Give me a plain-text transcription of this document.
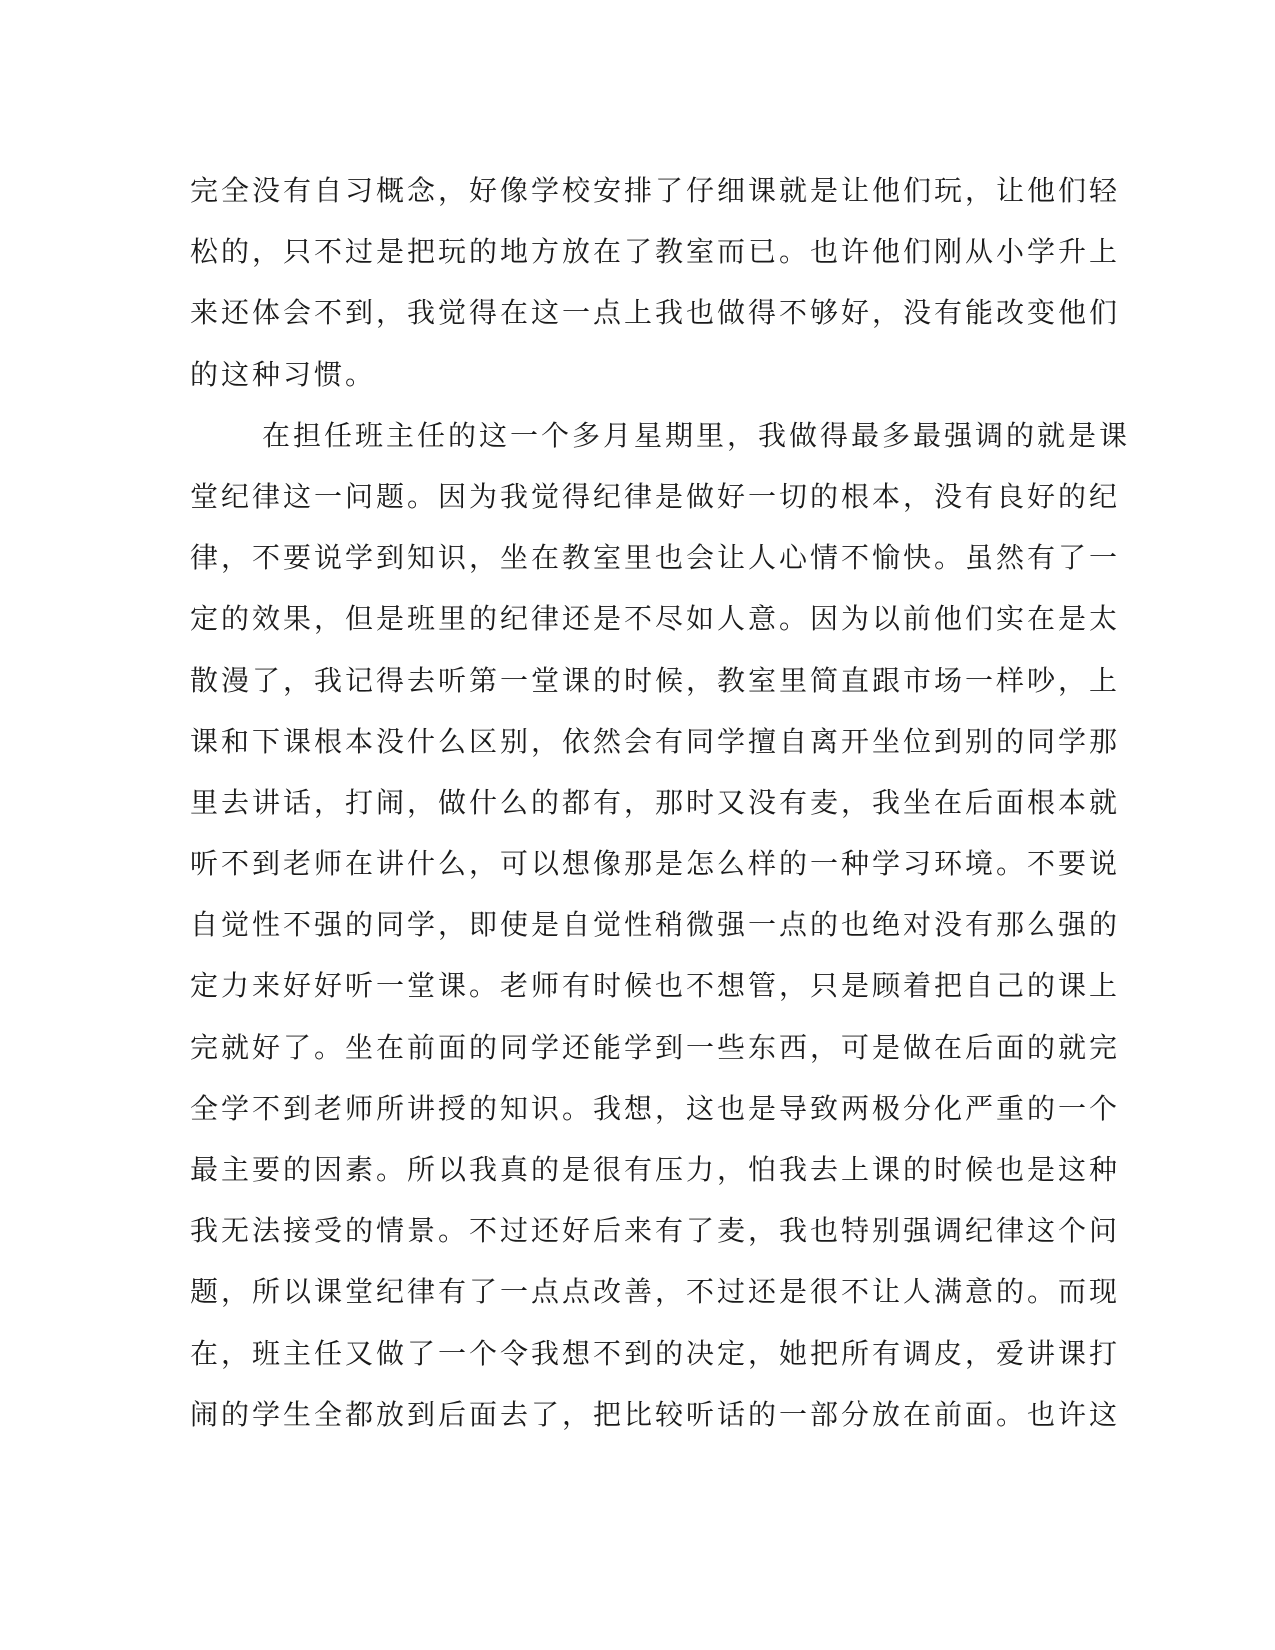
完全没有自习概念，好像学校安排了仔细课就是让他们玩，让他们轻
松的，只不过是把玩的地方放在了教室而已。也许他们刚从小学升上
来还体会不到，我觉得在这一点上我也做得不够好，没有能改变他们
的这种习惯。
在担任班主任的这一个多月星期里，我做得最多最强调的就是课
堂纪律这一问题。因为我觉得纪律是做好一切的根本，没有良好的纪
律，不要说学到知识，坐在教室里也会让人心情不愉快。虽然有了一
定的效果，但是班里的纪律还是不尽如人意。因为以前他们实在是太
散漫了，我记得去听第一堂课的时候，教室里简直跟市场一样吵，上
课和下课根本没什么区别，依然会有同学擅自离开坐位到别的同学那
里去讲话，打闹，做什么的都有，那时又没有麦，我坐在后面根本就
听不到老师在讲什么，可以想像那是怎么样的一种学习环境。不要说
自觉性不强的同学，即使是自觉性稍微强一点的也绝对没有那么强的
定力来好好听一堂课。老师有时候也不想管，只是顾着把自己的课上
完就好了。坐在前面的同学还能学到一些东西，可是做在后面的就完
全学不到老师所讲授的知识。我想，这也是导致两极分化严重的一个
最主要的因素。所以我真的是很有压力，怕我去上课的时候也是这种
我无法接受的情景。不过还好后来有了麦，我也特别强调纪律这个问
题，所以课堂纪律有了一点点改善，不过还是很不让人满意的。而现
在，班主任又做了一个令我想不到的决定，她把所有调皮，爱讲课打
闹的学生全都放到后面去了，把比较听话的一部分放在前面。也许这
